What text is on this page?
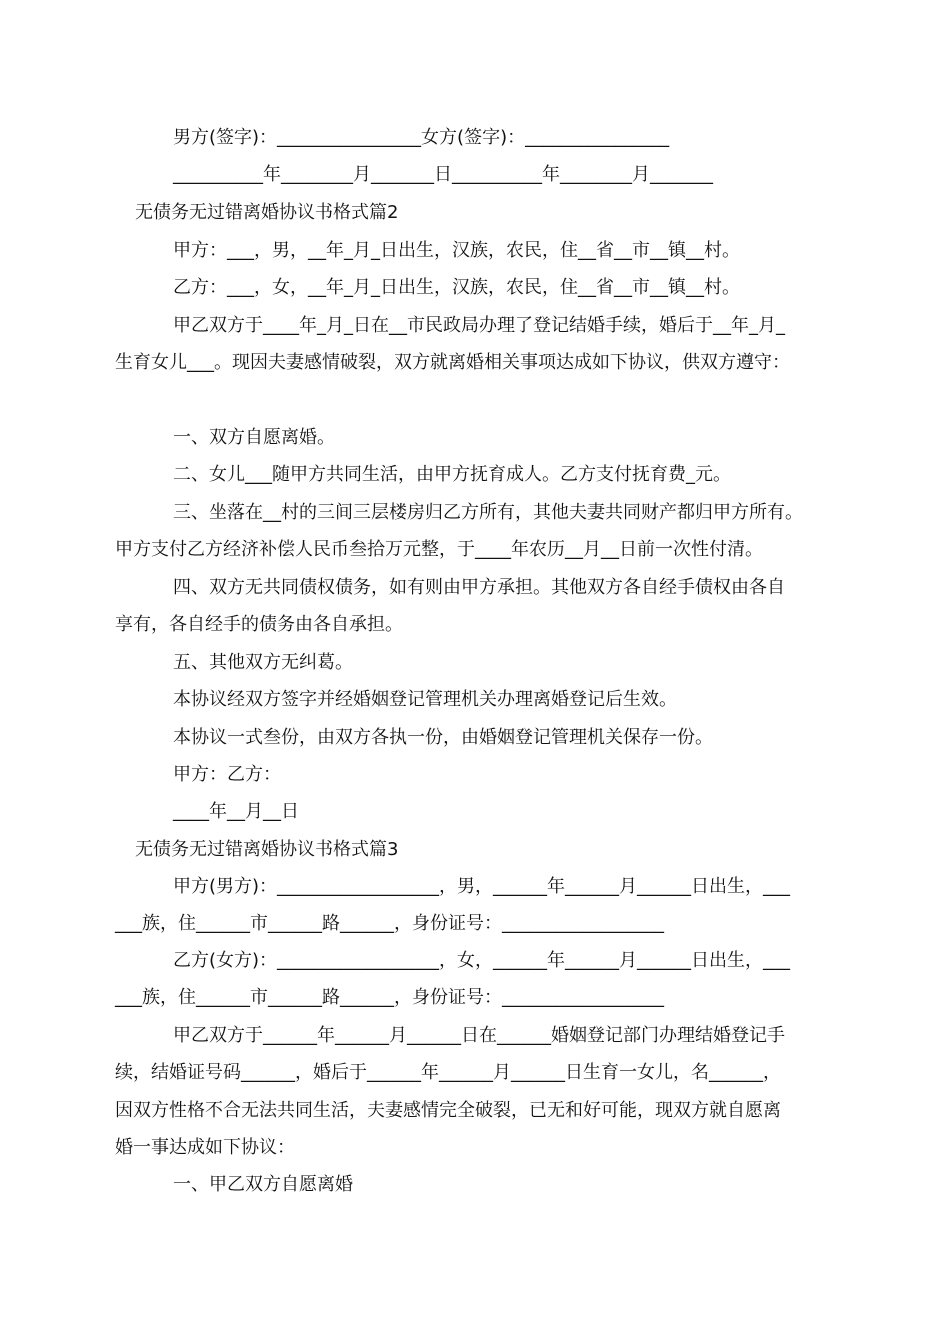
男方(签字)：________________女方(签字)：________________
__________年________月_______日__________年________月_______
无债务无过错离婚协议书格式篇2
甲方：___，男，__年_月_日出生，汉族，农民，住__省__市__镇__村。
乙方：___，女，__年_月_日出生，汉族，农民，住__省__市__镇__村。
甲乙双方于____年_月_日在__市民政局办理了登记结婚手续，婚后于__年_月_
生育女儿___。现因夫妻感情破裂，双方就离婚相关事项达成如下协议，供双方遵守：
一、双方自愿离婚。
二、女儿___随甲方共同生活，由甲方抚育成人。乙方支付抚育费_元。
三、坐落在__村的三间三层楼房归乙方所有，其他夫妻共同财产都归甲方所有。
甲方支付乙方经济补偿人民币叁拾万元整，于____年农历__月__日前一次性付清。
四、双方无共同债权债务，如有则由甲方承担。其他双方各自经手债权由各自
享有，各自经手的债务由各自承担。
五、其他双方无纠葛。
本协议经双方签字并经婚姻登记管理机关办理离婚登记后生效。
本协议一式叁份，由双方各执一份，由婚姻登记管理机关保存一份。
甲方：乙方：
____年__月__日
无债务无过错离婚协议书格式篇3
甲方(男方)：__________________，男，______年______月______日出生，___
___族，住______市______路______，身份证号：__________________
乙方(女方)：__________________，女，______年______月______日出生，___
___族，住______市______路______，身份证号：__________________
甲乙双方于______年______月______日在______婚姻登记部门办理结婚登记手
续，结婚证号码______，婚后于______年______月______日生育一女儿，名______，
因双方性格不合无法共同生活，夫妻感情完全破裂，已无和好可能，现双方就自愿离
婚一事达成如下协议：
一、甲乙双方自愿离婚
